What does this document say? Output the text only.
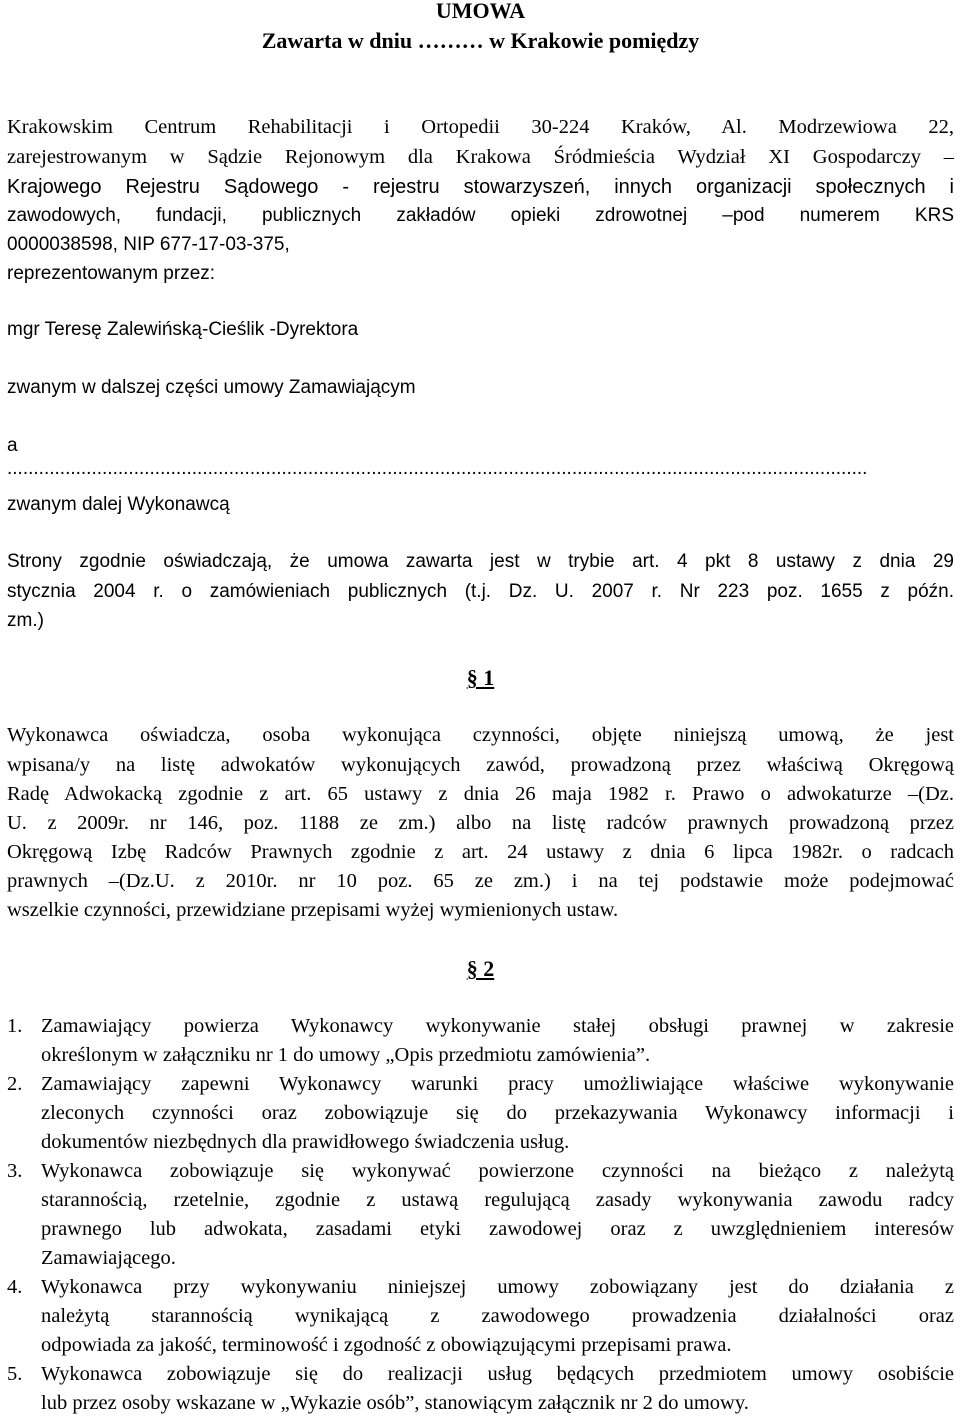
UMOWA
Zawarta w dniu ……… w Krakowie pomiędzy
Krakowskim Centrum Rehabilitacji i Ortopedii 30-224 Kraków, Al. Modrzewiowa 22,
zarejestrowanym w Sądzie Rejonowym dla Krakowa Śródmieścia Wydział XI Gospodarczy –
Krajowego Rejestru Sądowego - rejestru stowarzyszeń, innych organizacji społecznych i
zawodowych, fundacji, publicznych zakładów opieki zdrowotnej –pod numerem KRS
0000038598, NIP 677-17-03-375,
reprezentowanym przez:
mgr Teresę Zalewińską-Cieślik -Dyrektora
zwanym w dalszej części umowy Zamawiającym
a
...................................................................................................................................................................
zwanym dalej Wykonawcą
Strony zgodnie oświadczają, że umowa zawarta jest w trybie art. 4 pkt 8 ustawy z dnia 29
stycznia 2004 r. o zamówieniach publicznych (t.j. Dz. U. 2007 r. Nr 223 poz. 1655 z późn.
zm.)
§ 1
Wykonawca oświadcza, osoba wykonująca czynności, objęte niniejszą umową, że jest
wpisana/y na listę adwokatów wykonujących zawód, prowadzoną przez właściwą Okręgową
Radę Adwokacką zgodnie z art. 65 ustawy z dnia 26 maja 1982 r. Prawo o adwokaturze –(Dz.
U. z 2009r. nr 146, poz. 1188 ze zm.) albo na listę radców prawnych prowadzoną przez
Okręgową Izbę Radców Prawnych zgodnie z art. 24 ustawy z dnia 6 lipca 1982r. o radcach
prawnych –(Dz.U. z 2010r. nr 10 poz. 65 ze zm.) i na tej podstawie może podejmować
wszelkie czynności, przewidziane przepisami wyżej wymienionych ustaw.
§ 2
1. Zamawiający powierza Wykonawcy wykonywanie stałej obsługi prawnej w zakresie
określonym w załączniku nr 1 do umowy „Opis przedmiotu zamówienia”.
2. Zamawiający zapewni Wykonawcy warunki pracy umożliwiające właściwe wykonywanie
zleconych czynności oraz zobowiązuje się do przekazywania Wykonawcy informacji i
dokumentów niezbędnych dla prawidłowego świadczenia usług.
3. Wykonawca zobowiązuje się wykonywać powierzone czynności na bieżąco z należytą
starannością, rzetelnie, zgodnie z ustawą regulującą zasady wykonywania zawodu radcy
prawnego lub adwokata, zasadami etyki zawodowej oraz z uwzględnieniem interesów
Zamawiającego.
4. Wykonawca przy wykonywaniu niniejszej umowy zobowiązany jest do działania z
należytą starannością wynikającą z zawodowego prowadzenia działalności oraz
odpowiada za jakość, terminowość i zgodność z obowiązującymi przepisami prawa.
5. Wykonawca zobowiązuje się do realizacji usług będących przedmiotem umowy osobiście
lub przez osoby wskazane w „Wykazie osób”, stanowiącym załącznik nr 2 do umowy.
